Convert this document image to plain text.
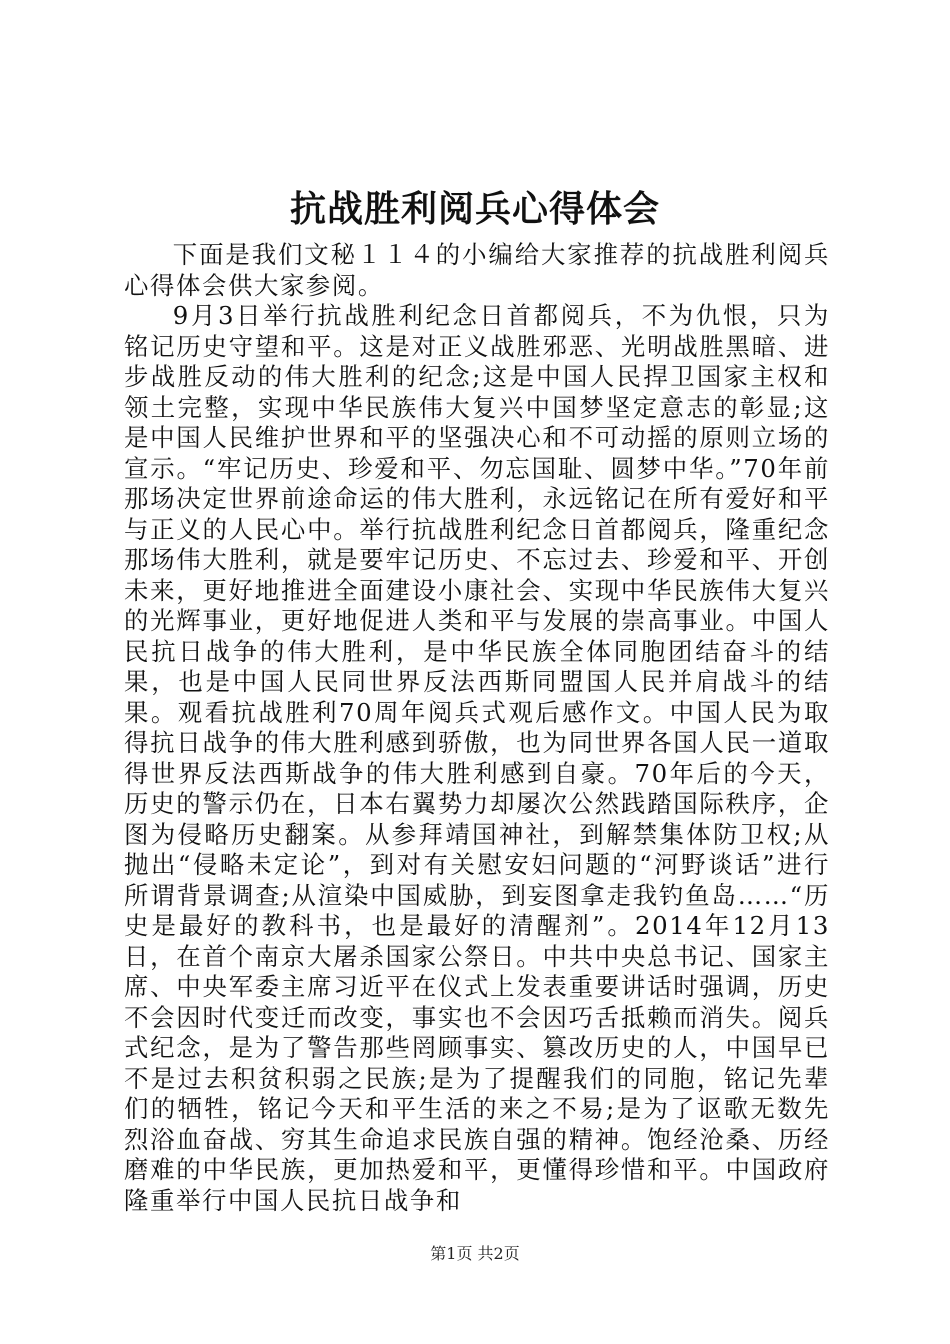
抗战胜利阅兵心得体会

下面是我们文秘１１４的小编给大家推荐的抗战胜利阅兵心得体会供大家参阅。

9月3日举行抗战胜利纪念日首都阅兵，不为仇恨，只为铭记历史守望和平。这是对正义战胜邪恶、光明战胜黑暗、进步战胜反动的伟大胜利的纪念;这是中国人民捍卫国家主权和领土完整，实现中华民族伟大复兴中国梦坚定意志的彰显;这是中国人民维护世界和平的坚强决心和不可动摇的原则立场的宣示。“牢记历史、珍爱和平、勿忘国耻、圆梦中华。”70年前那场决定世界前途命运的伟大胜利，永远铭记在所有爱好和平与正义的人民心中。举行抗战胜利纪念日首都阅兵，隆重纪念那场伟大胜利，就是要牢记历史、不忘过去、珍爱和平、开创未来，更好地推进全面建设小康社会、实现中华民族伟大复兴的光辉事业，更好地促进人类和平与发展的崇高事业。中国人民抗日战争的伟大胜利，是中华民族全体同胞团结奋斗的结果，也是中国人民同世界反法西斯同盟国人民并肩战斗的结果。观看抗战胜利70周年阅兵式观后感作文。中国人民为取得抗日战争的伟大胜利感到骄傲，也为同世界各国人民一道取得世界反法西斯战争的伟大胜利感到自豪。70年后的今天，历史的警示仍在，日本右翼势力却屡次公然践踏国际秩序，企图为侵略历史翻案。从参拜靖国神社，到解禁集体防卫权;从抛出“侵略未定论”，到对有关慰安妇问题的“河野谈话”进行所谓背景调查;从渲染中国威胁，到妄图拿走我钓鱼岛……“历史是最好的教科书，也是最好的清醒剂”。2014年12月13日，在首个南京大屠杀国家公祭日。中共中央总书记、国家主席、中央军委主席习近平在仪式上发表重要讲话时强调，历史不会因时代变迁而改变，事实也不会因巧舌抵赖而消失。阅兵式纪念，是为了警告那些罔顾事实、篡改历史的人，中国早已不是过去积贫积弱之民族;是为了提醒我们的同胞，铭记先辈们的牺牲，铭记今天和平生活的来之不易;是为了讴歌无数先烈浴血奋战、穷其生命追求民族自强的精神。饱经沧桑、历经磨难的中华民族，更加热爱和平，更懂得珍惜和平。中国政府隆重举行中国人民抗日战争和

第1页 共2页
